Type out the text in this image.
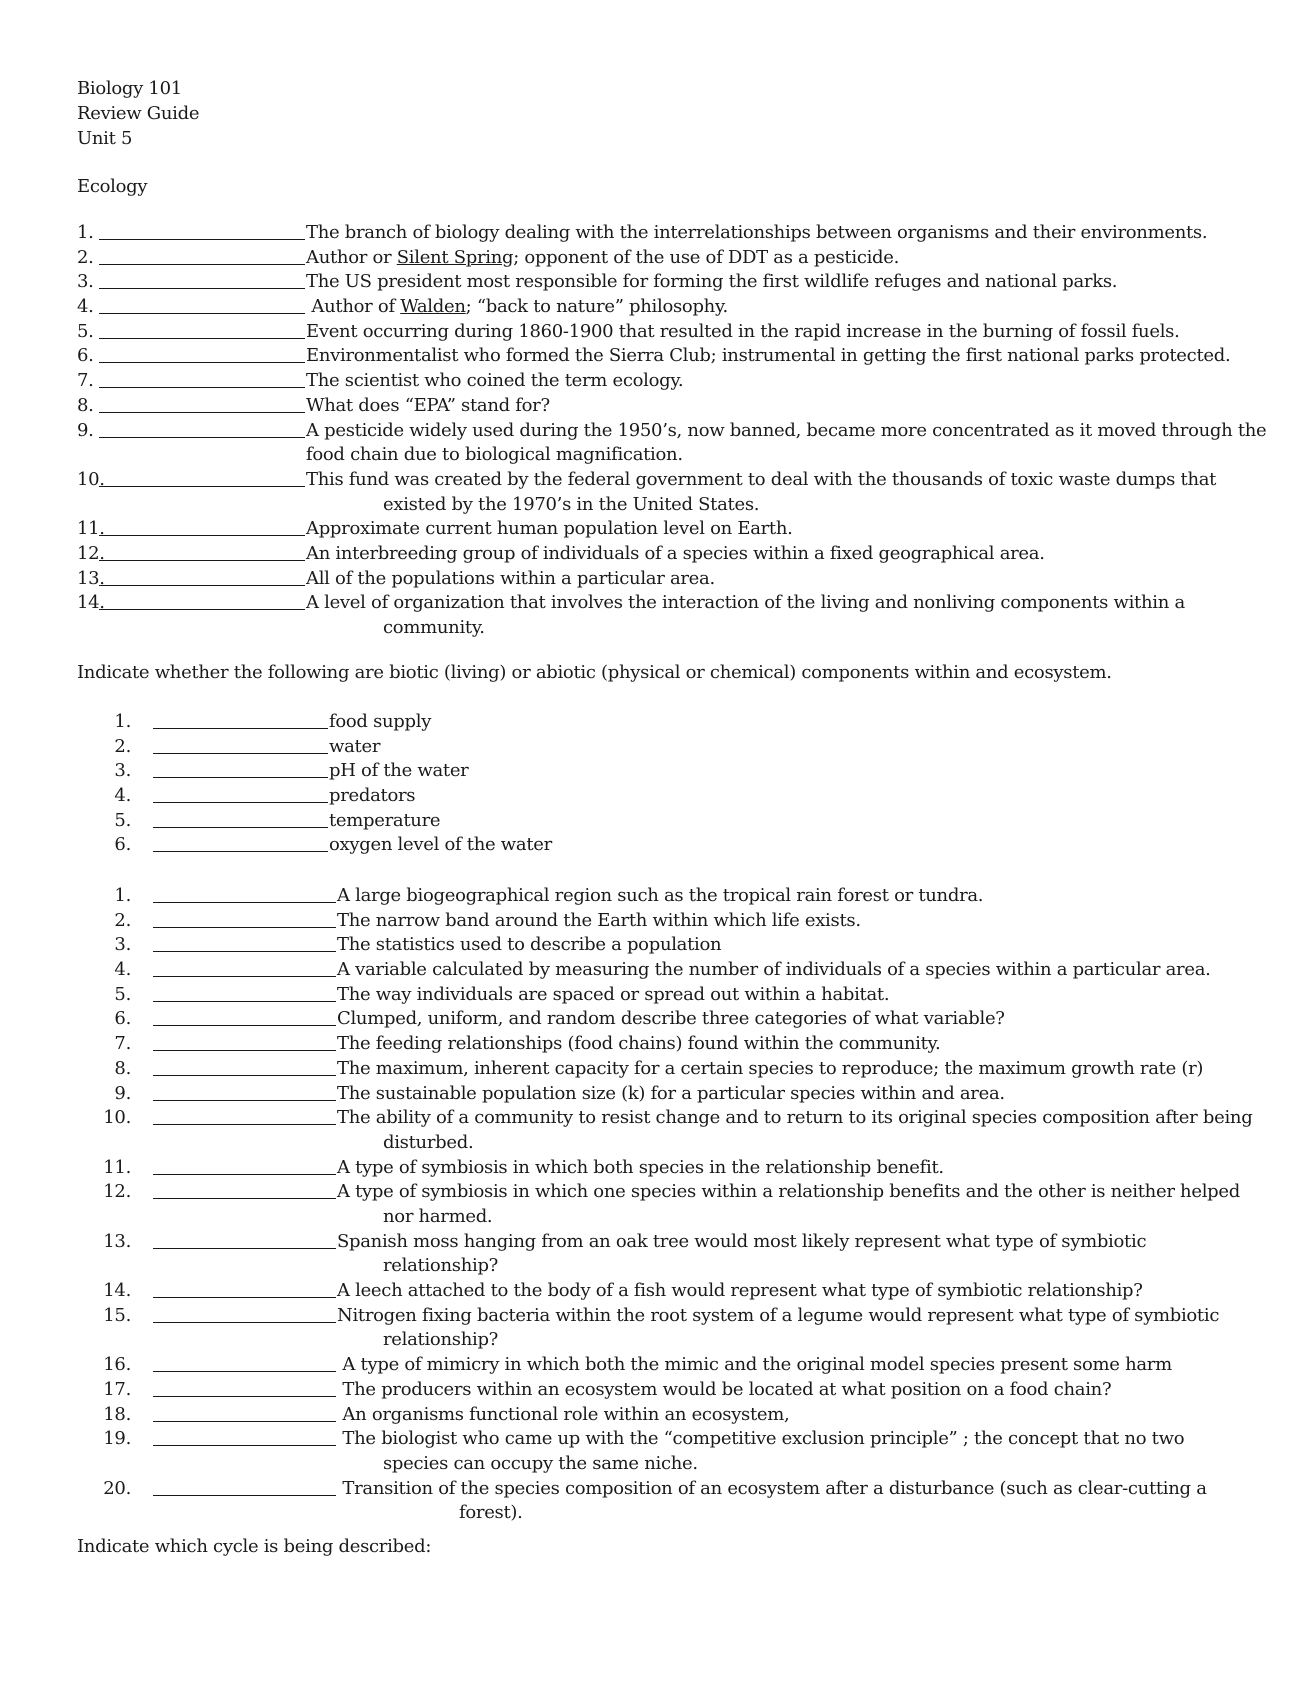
Biology 101
Review Guide
Unit 5
Ecology
1.	The branch of biology dealing with the interrelationships between organisms and their environments.
2.	Author or Silent Spring; opponent of the use of DDT as a pesticide.
3.	The US president most responsible for forming the first wildlife refuges and national parks.
4.	Author of Walden; “back to nature” philosophy.
5.	Event occurring during 1860-1900 that resulted in the rapid increase in the burning of fossil fuels.
6.	Environmentalist who formed the Sierra Club; instrumental in getting the first national parks protected.
7.	The scientist who coined the term ecology.
8.	What does “EPA” stand for?
9.	A pesticide widely used during the 1950’s, now banned, became more concentrated as it moved through the
food chain due to biological magnification.
10.	This fund was created by the federal government to deal with the thousands of toxic waste dumps that
existed by the 1970’s in the United States.
11.	Approximate current human population level on Earth.
12.	An interbreeding group of individuals of a species within a fixed geographical area.
13.	All of the populations within a particular area.
14.	A level of organization that involves the interaction of the living and nonliving components within a
community.
Indicate whether the following are biotic (living) or abiotic (physical or chemical) components within and ecosystem.
1.	food supply
2.	water
3.	pH of the water
4.	predators
5.	temperature
6.	oxygen level of the water
1.	A large biogeographical region such as the tropical rain forest or tundra.
2.	The narrow band around the Earth within which life exists.
3.	The statistics used to describe a population
4.	A variable calculated by measuring the number of individuals of a species within a particular area.
5.	The way individuals are spaced or spread out within a habitat.
6.	Clumped, uniform, and random describe three categories of what variable?
7.	The feeding relationships (food chains) found within the community.
8.	The maximum, inherent capacity for a certain species to reproduce; the maximum growth rate (r)
9.	The sustainable population size (k) for a particular species within and area.
10.	The ability of a community to resist change and to return to its original species composition after being
disturbed.
11.	A type of symbiosis in which both species in the relationship benefit.
12.	A type of symbiosis in which one species within a relationship benefits and the other is neither helped
nor harmed.
13.	Spanish moss hanging from an oak tree would most likely represent what type of symbiotic
relationship?
14.	A leech attached to the body of a fish would represent what type of symbiotic relationship?
15.	Nitrogen fixing bacteria within the root system of a legume would represent what type of symbiotic
relationship?
16.	A type of mimicry in which both the mimic and the original model species present some harm
17.	The producers within an ecosystem would be located at what position on a food chain?
18.	An organisms functional role within an ecosystem,
19.	The biologist who came up with the “competitive exclusion principle” ; the concept that no two
species can occupy the same niche.
20.	Transition of the species composition of an ecosystem after a disturbance (such as clear-cutting a
forest).
Indicate which cycle is being described:
